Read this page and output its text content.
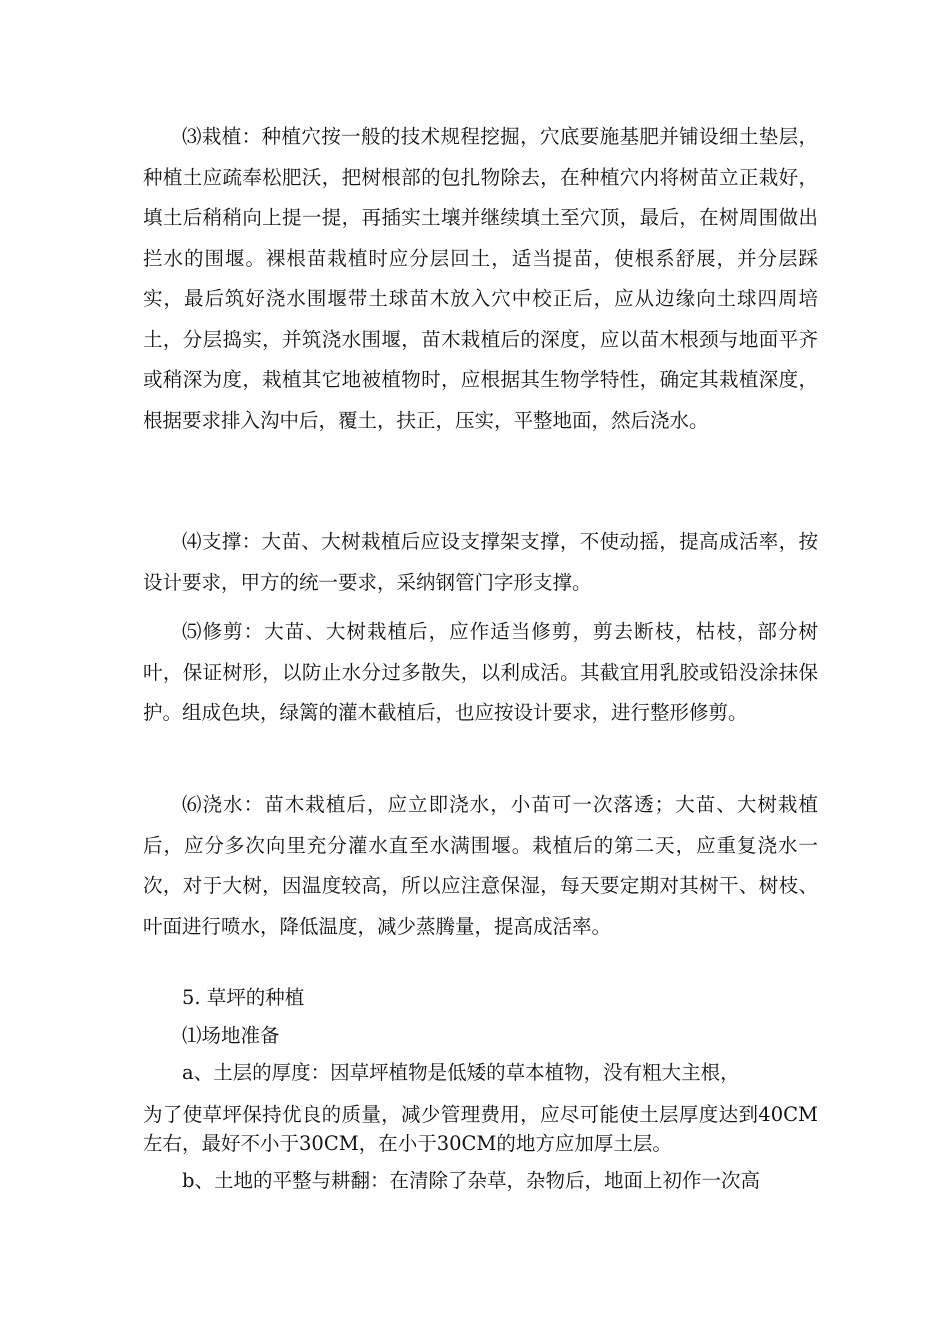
⑶栽植：种植穴按一般的技术规程挖掘，穴底要施基肥并铺设细土垫层，种植土应疏奉松肥沃，把树根部的包扎物除去，在种植穴内将树苗立正栽好，填土后稍稍向上提一提，再插实土壤并继续填土至穴顶，最后，在树周围做出拦水的围堰。裸根苗栽植时应分层回土，适当提苗，使根系舒展，并分层踩实，最后筑好浇水围堰带土球苗木放入穴中校正后，应从边缘向土球四周培土，分层捣实，并筑浇水围堰，苗木栽植后的深度，应以苗木根颈与地面平齐或稍深为度，栽植其它地被植物时，应根据其生物学特性，确定其栽植深度，根据要求排入沟中后，覆土，扶正，压实，平整地面，然后浇水。

⑷支撑：大苗、大树栽植后应设支撑架支撑，不使动摇，提高成活率，按设计要求，甲方的统一要求，采纳钢管门字形支撑。

⑸修剪：大苗、大树栽植后，应作适当修剪，剪去断枝，枯枝，部分树叶，保证树形，以防止水分过多散失，以利成活。其截宜用乳胶或铅没涂抹保护。组成色块，绿篱的灌木截植后，也应按设计要求，进行整形修剪。

⑹浇水：苗木栽植后，应立即浇水，小苗可一次落透；大苗、大树栽植后，应分多次向里充分灌水直至水满围堰。栽植后的第二天，应重复浇水一次，对于大树，因温度较高，所以应注意保湿，每天要定期对其树干、树枝、叶面进行喷水，降低温度，减少蒸腾量，提高成活率。

5. 草坪的种植

⑴场地准备

a、土层的厚度：因草坪植物是低矮的草本植物，没有粗大主根，

为了使草坪保持优良的质量，减少管理费用，应尽可能使土层厚度达到40CM左右，最好不小于30CM，在小于30CM的地方应加厚土层。

b、土地的平整与耕翻：在清除了杂草，杂物后，地面上初作一次高
